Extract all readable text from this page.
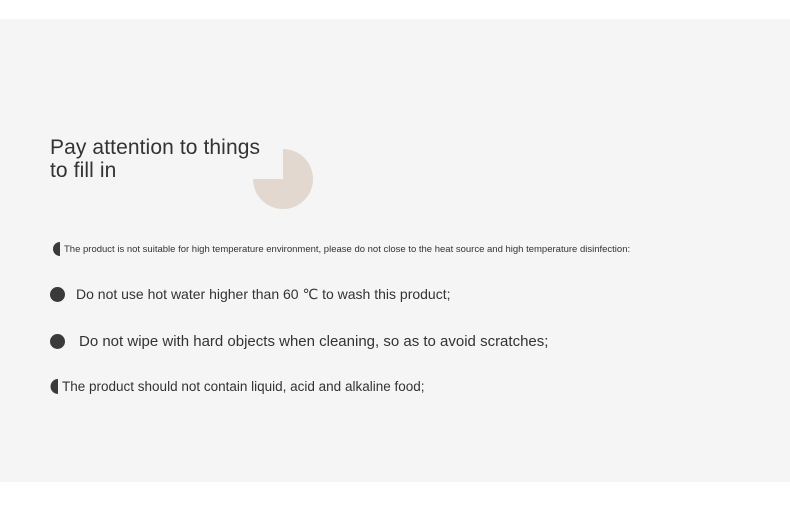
Pay attention to things
to fill in
The product is not suitable for high temperature environment, please do not close to the heat source and high temperature disinfection:
Do not use hot water higher than 60 ℃ to wash this product;
Do not wipe with hard objects when cleaning, so as to avoid scratches;
The product should not contain liquid, acid and alkaline food;
